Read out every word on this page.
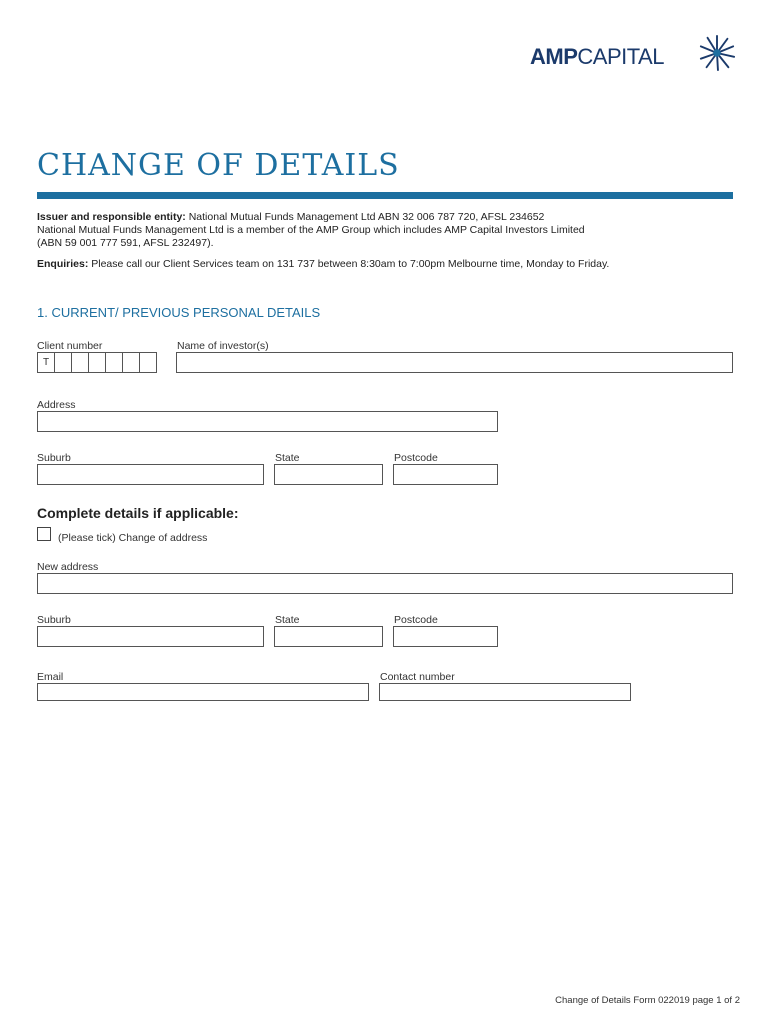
AMPCAPITAL
CHANGE OF DETAILS
Issuer and responsible entity: National Mutual Funds Management Ltd ABN 32 006 787 720, AFSL 234652
National Mutual Funds Management Ltd is a member of the AMP Group which includes AMP Capital Investors Limited
(ABN 59 001 777 591, AFSL 232497).
Enquiries: Please call our Client Services team on 131 737 between 8:30am to 7:00pm Melbourne time, Monday to Friday.
1. CURRENT/ PREVIOUS PERSONAL DETAILS
Client number
T
Name of investor(s)
Address
Suburb	State	Postcode
Complete details if applicable:
(Please tick) Change of address
New address
Suburb	State	Postcode
Email	Contact number
Change of Details Form 022019 page 1 of 2
